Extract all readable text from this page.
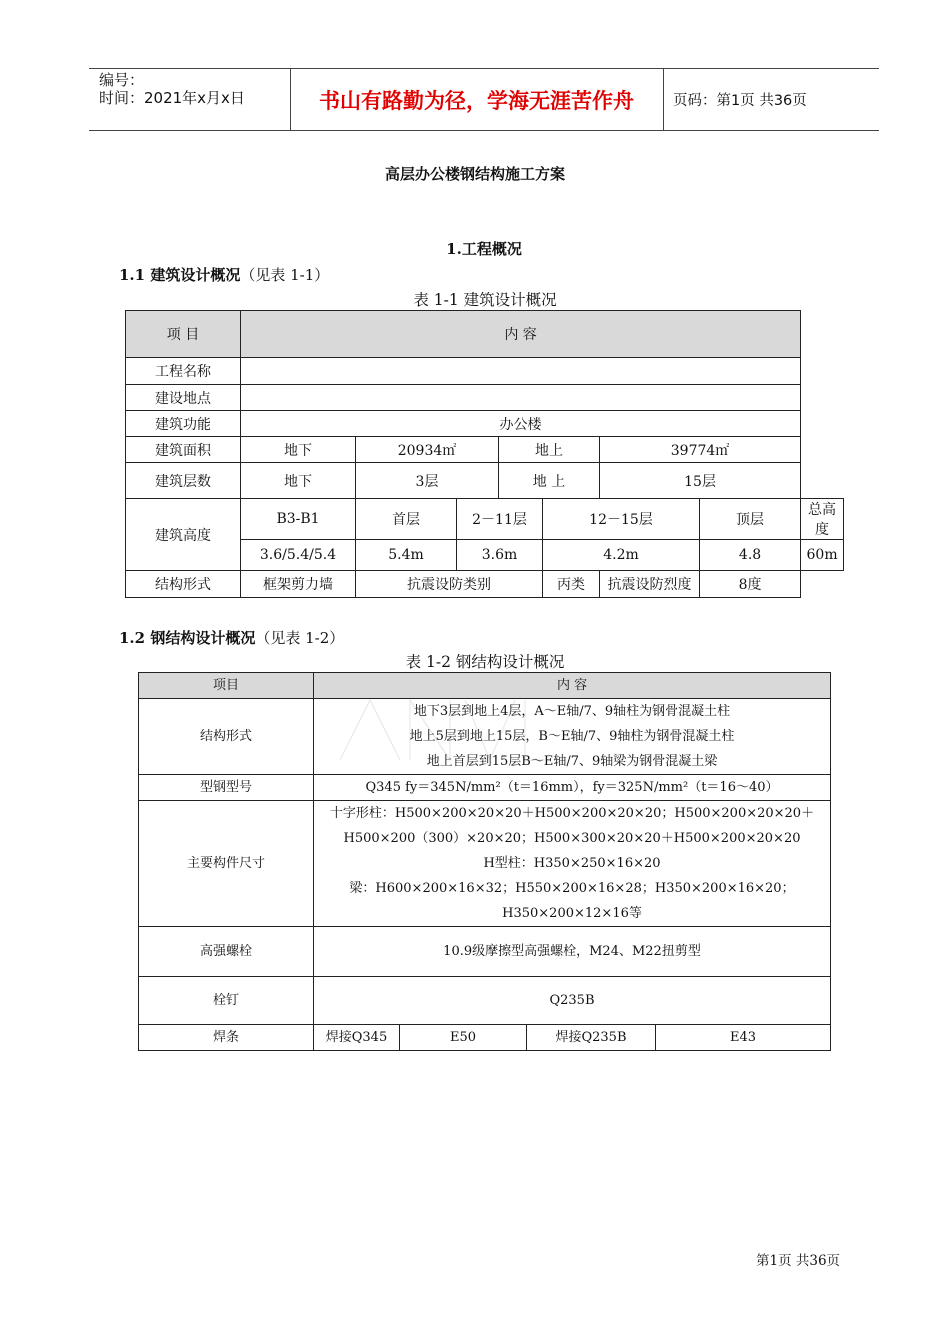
编号：
时间：2021年x月x日	书山有路勤为径，学海无涯苦作舟	页码：第1页 共36页
高层办公楼钢结构施工方案
1.工程概况
1.1 建筑设计概况（见表 1-1）
表 1-1 建筑设计概况
项 目	内 容							
工程名称								
建设地点								
建筑功能	办公楼							
建筑面积	地下	20934㎡		地上		39774㎡		
建筑层数	地下	3层		地 上		15层		
建筑高度	B3-B1	首层	2－11层		12－15层		顶层	总高度
	3.6/5.4/5.4	5.4m	3.6m		4.2m		4.8	60m
结构形式	框架剪力墙	抗震设防类别			丙类	抗震设防烈度	8度	
1.2 钢结构设计概况（见表 1-2）
表 1-2 钢结构设计概况
项目	内 容			
结构形式	地下3层到地上4层，A～E轴/7、9轴柱为钢骨混凝土柱
地上5层到地上15层，B～E轴/7、9轴柱为钢骨混凝土柱
地上首层到15层B～E轴/7、9轴梁为钢骨混凝土梁			

型钢型号	Q345 fy＝345N/mm²（t＝16mm），fy＝325N/mm²（t＝16～40）			
主要构件尺寸	十字形柱：H500×200×20×20＋H500×200×20×20；H500×200×20×20＋
H500×200（300）×20×20；H500×300×20×20＋H500×200×20×20
H型柱：H350×250×16×20
梁：H600×200×16×32；H550×200×16×28；H350×200×16×20；
H350×200×12×16等			

高强螺栓	10.9级摩擦型高强螺栓，M24、M22扭剪型			
栓钉	Q235B			
焊条	焊接Q345	E50	焊接Q235B	E43
第1页 共36页
